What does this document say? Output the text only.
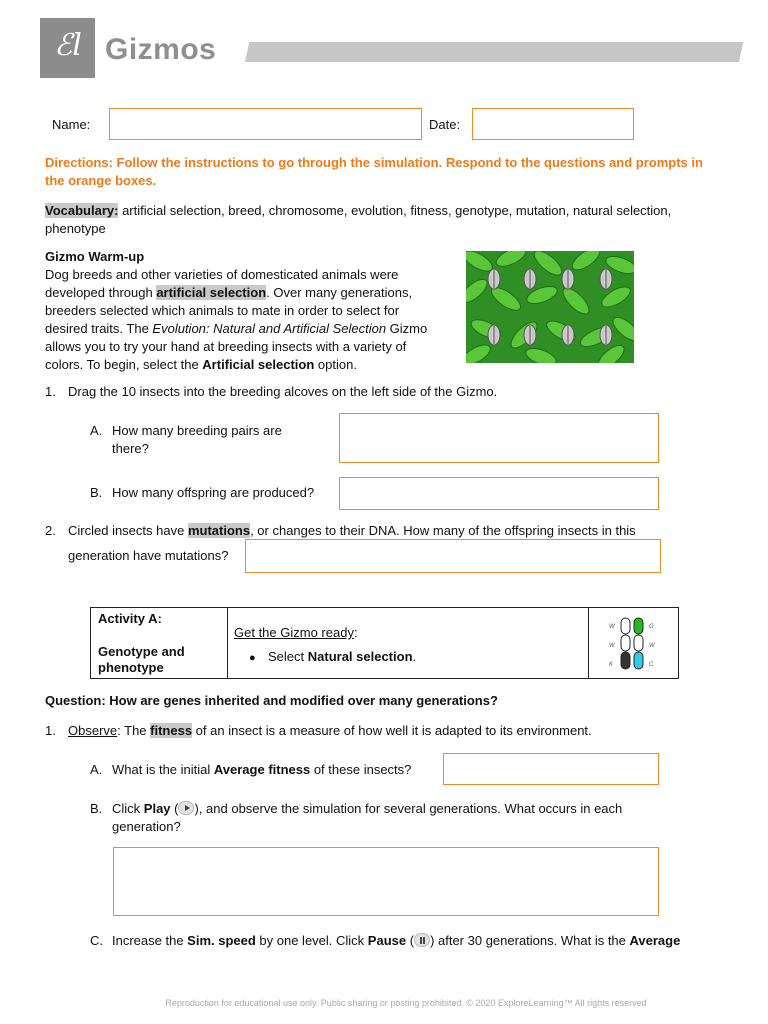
ℰl Gizmos
Name:	Date:
Directions: Follow the instructions to go through the simulation. Respond to the questions and prompts in the orange boxes.
Vocabulary: artificial selection, breed, chromosome, evolution, fitness, genotype, mutation, natural selection, phenotype
Gizmo Warm-up
Dog breeds and other varieties of domesticated animals were
developed through artificial selection. Over many generations,
breeders selected which animals to mate in order to select for
desired traits. The Evolution: Natural and Artificial Selection Gizmo
allows you to try your hand at breeding insects with a variety of
colors. To begin, select the Artificial selection option.
1. Drag the 10 insects into the breeding alcoves on the left side of the Gizmo.
A. How many breeding pairs are
there?
B. How many offspring are produced?
2. Circled insects have mutations, or changes to their DNA. How many of the offspring insects in this
generation have mutations?
Activity A:
Genotype and phenotype
Get the Gizmo ready:
● Select Natural selection.
W
W
K
G
W
C
Question: How are genes inherited and modified over many generations?
1. Observe: The fitness of an insect is a measure of how well it is adapted to its environment.
A. What is the initial Average fitness of these insects?
B. Click Play ( ), and observe the simulation for several generations. What occurs in each
generation?
C. Increase the Sim. speed by one level. Click Pause ( ) after 30 generations. What is the Average
Reproduction for educational use only. Public sharing or posting prohibited. © 2020 ExploreLearning™ All rights reserved
